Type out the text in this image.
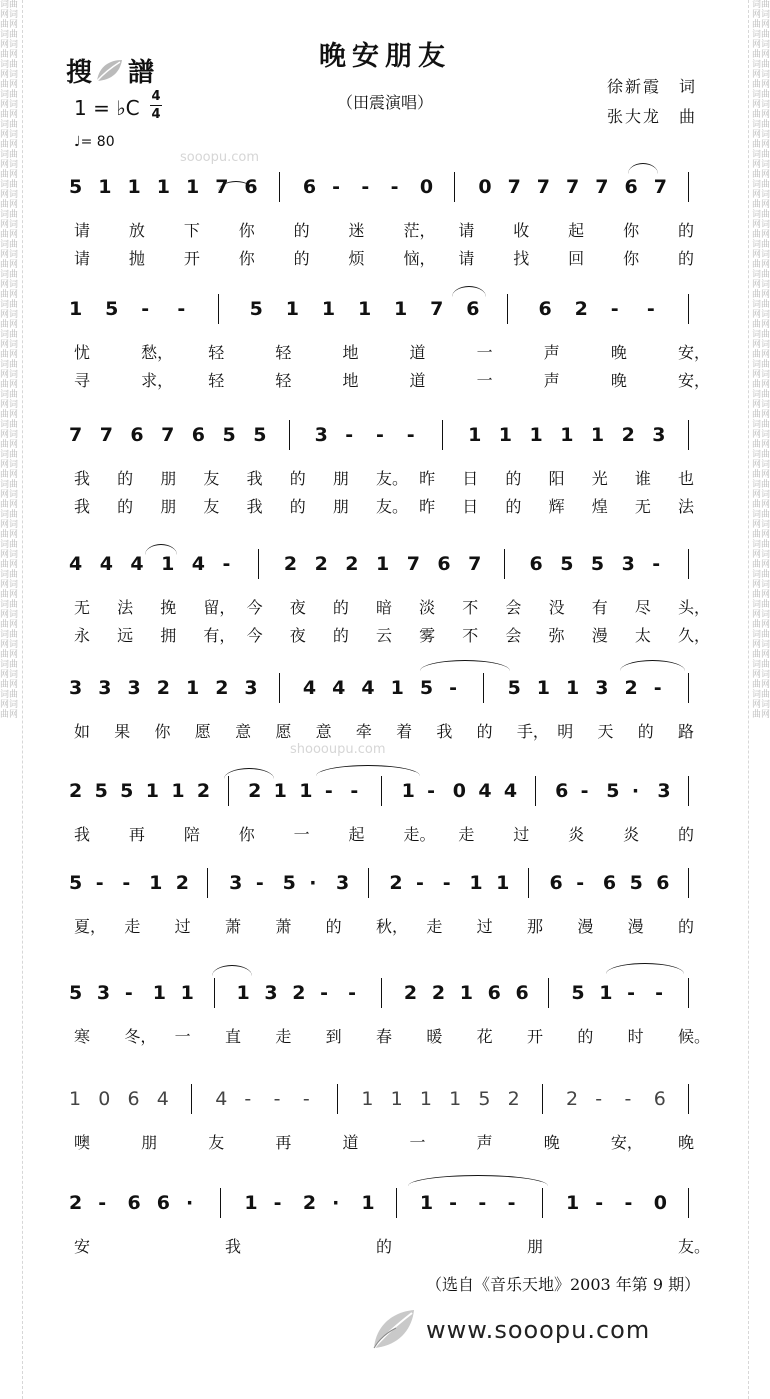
词曲网词曲网词曲网词曲网词曲网词曲网词曲网词曲网词曲网词曲网词曲网词曲网词曲网词曲网词曲网词曲网词曲网词曲网词曲网词曲网词曲网词曲网词曲网词曲网词曲网词曲网词曲网词曲网词曲网词曲网词曲网词曲网词曲网词曲网词曲网词曲网词曲网词曲网词曲网词曲网词曲网词曲网词曲网词曲网词曲网词曲网词曲网词曲网
词曲网词曲网词曲网词曲网词曲网词曲网词曲网词曲网词曲网词曲网词曲网词曲网词曲网词曲网词曲网词曲网词曲网词曲网词曲网词曲网词曲网词曲网词曲网词曲网词曲网词曲网词曲网词曲网词曲网词曲网词曲网词曲网词曲网词曲网词曲网词曲网词曲网词曲网词曲网词曲网词曲网词曲网词曲网词曲网词曲网词曲网词曲网词曲网
搜 譜
晚安朋友
（田震演唱）
徐新霞　词
张大龙　曲
1 = ♭C 4
4
♩= 80
sooopu.com
shoooupu.com
5 1 1 1 1 7 6 6 - - - 0 0 7 7 7 7 6 7
请 放 下 你 的 迷 茫， 请 收 起 你 的
请 抛 开 你 的 烦 恼， 请 找 回 你 的
1 5 - -	5 1 1 1 1 7 6	6 2 - -
忧	愁， 轻	轻	地	道	一	声	晚	安，
寻	求， 轻	轻	地	道	一	声	晚	安，
7 7 6 7 6 5 5	3 - - -	1 1 1 1 1 2 3
我 的 朋 友 我 的 朋 友。 昨 日 的 阳 光 谁 也
我 的 朋 友 我 的 朋 友。 昨 日 的 辉 煌 无 法
4 4 4 1 4 -	2 2 2 1 7 6 7	6 5 5 3 -
无 法 挽 留， 今 夜 的 暗 淡 不 会 没 有 尽 头，
永 远 拥 有， 今 夜 的 云 雾 不 会 弥 漫 太 久，
3 3 3 2 1 2 3 4 4 4 1 5 -	5 1 1 3 2 -
如 果 你 愿 意 愿 意 牵 着 我 的 手， 明 天 的 路
2 5 5 1 1 2 2 1 1 - - 1 - 0 4 4 6 - 5 · 3
我 再 陪 你 一 起 走。 走 过 炎 炎 的
5 - - 1 2 3 - 5 · 3 2 - - 1 1 6 - 6 5 6
夏， 走 过 萧 萧 的 秋， 走 过 那 漫 漫 的
5 3 - 1 1 1 3 2 - -	2 2 1 6 6 5 1 - -
寒 冬， 一 直 走 到 春 暖 花 开 的 时 候。
1 0 6 4 4 - - -	1 1 1 1 5 2 2 - - 6
噢	朋	友	再	道	一	声	晚	安， 晚
2 - 6 6 ·	1 - 2 · 1 1 - - -	1 - - 0
安	我	的	朋	友。
（选自《音乐天地》2003 年第 9 期）
www.sooopu.com
